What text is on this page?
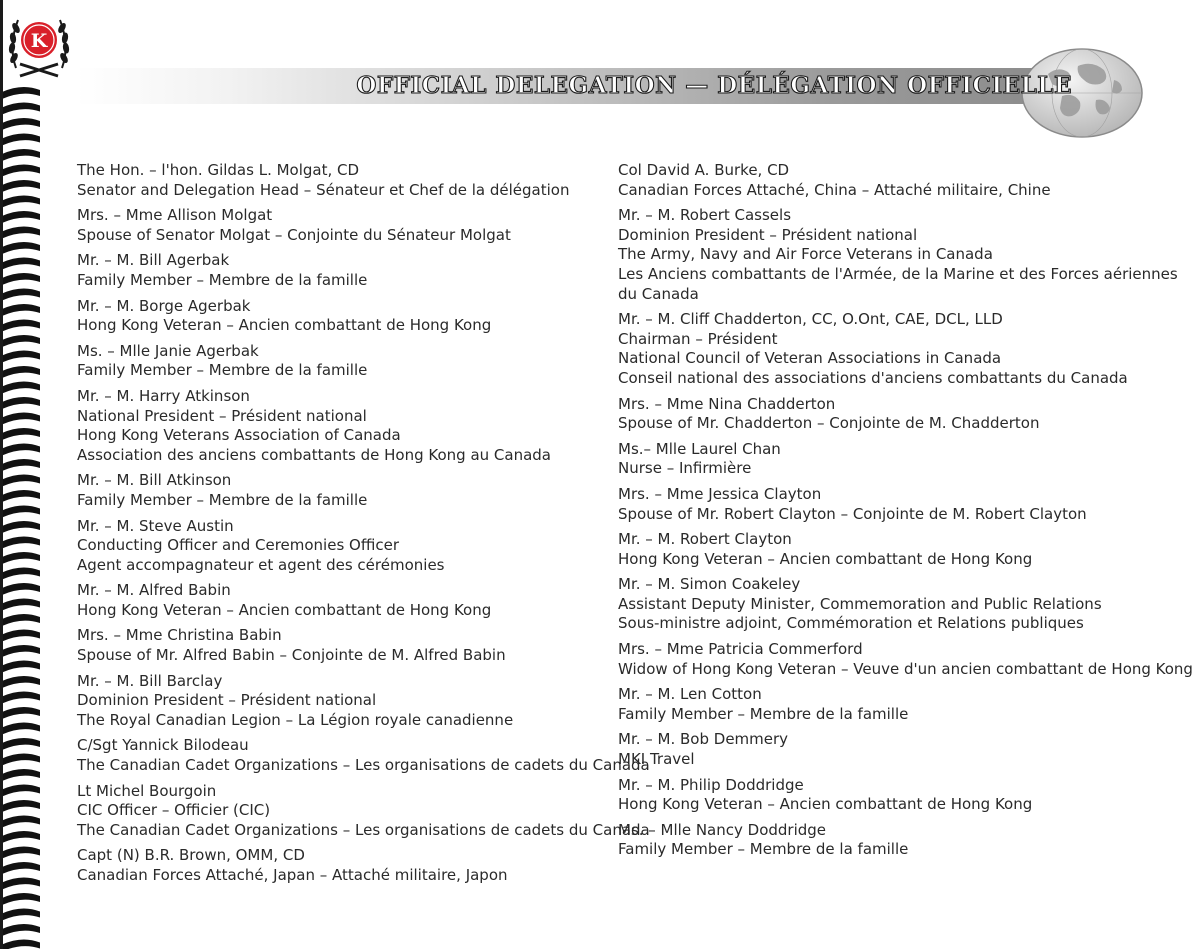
K
OFFICIAL DELEGATION — DÉLÉGATION OFFICIELLE
The Hon. – l'hon. Gildas L. Molgat, CD
Senator and Delegation Head – Sénateur et Chef de la délégation
Mrs. – Mme Allison Molgat
Spouse of Senator Molgat – Conjointe du Sénateur Molgat
Mr. – M. Bill Agerbak
Family Member – Membre de la famille
Mr. – M. Borge Agerbak
Hong Kong Veteran – Ancien combattant de Hong Kong
Ms. – Mlle Janie Agerbak
Family Member – Membre de la famille
Mr. – M. Harry Atkinson
National President – Président national
Hong Kong Veterans Association of Canada
Association des anciens combattants de Hong Kong au Canada
Mr. – M. Bill Atkinson
Family Member – Membre de la famille
Mr. – M. Steve Austin
Conducting Officer and Ceremonies Officer
Agent accompagnateur et agent des cérémonies
Mr. – M. Alfred Babin
Hong Kong Veteran – Ancien combattant de Hong Kong
Mrs. – Mme Christina Babin
Spouse of Mr. Alfred Babin – Conjointe de M. Alfred Babin
Mr. – M. Bill Barclay
Dominion President – Président national
The Royal Canadian Legion – La Légion royale canadienne
C/Sgt Yannick Bilodeau
The Canadian Cadet Organizations – Les organisations de cadets du Canada
Lt Michel Bourgoin
CIC Officer – Officier (CIC)
The Canadian Cadet Organizations – Les organisations de cadets du Canada
Capt (N) B.R. Brown, OMM, CD
Canadian Forces Attaché, Japan – Attaché militaire, Japon
Col David A. Burke, CD
Canadian Forces Attaché, China – Attaché militaire, Chine
Mr. – M. Robert Cassels
Dominion President – Président national
The Army, Navy and Air Force Veterans in Canada
Les Anciens combattants de l'Armée, de la Marine et des Forces aériennes
du Canada
Mr. – M. Cliff Chadderton, CC, O.Ont, CAE, DCL, LLD
Chairman – Président
National Council of Veteran Associations in Canada
Conseil national des associations d'anciens combattants du Canada
Mrs. – Mme Nina Chadderton
Spouse of Mr. Chadderton – Conjointe de M. Chadderton
Ms.– Mlle Laurel Chan
Nurse – Infirmière
Mrs. – Mme Jessica Clayton
Spouse of Mr. Robert Clayton – Conjointe de M. Robert Clayton
Mr. – M. Robert Clayton
Hong Kong Veteran – Ancien combattant de Hong Kong
Mr. – M. Simon Coakeley
Assistant Deputy Minister, Commemoration and Public Relations
Sous-ministre adjoint, Commémoration et Relations publiques
Mrs. – Mme Patricia Commerford
Widow of Hong Kong Veteran – Veuve d'un ancien combattant de Hong Kong
Mr. – M. Len Cotton
Family Member – Membre de la famille
Mr. – M. Bob Demmery
MKI Travel
Mr. – M. Philip Doddridge
Hong Kong Veteran – Ancien combattant de Hong Kong
Ms. – Mlle Nancy Doddridge
Family Member – Membre de la famille
